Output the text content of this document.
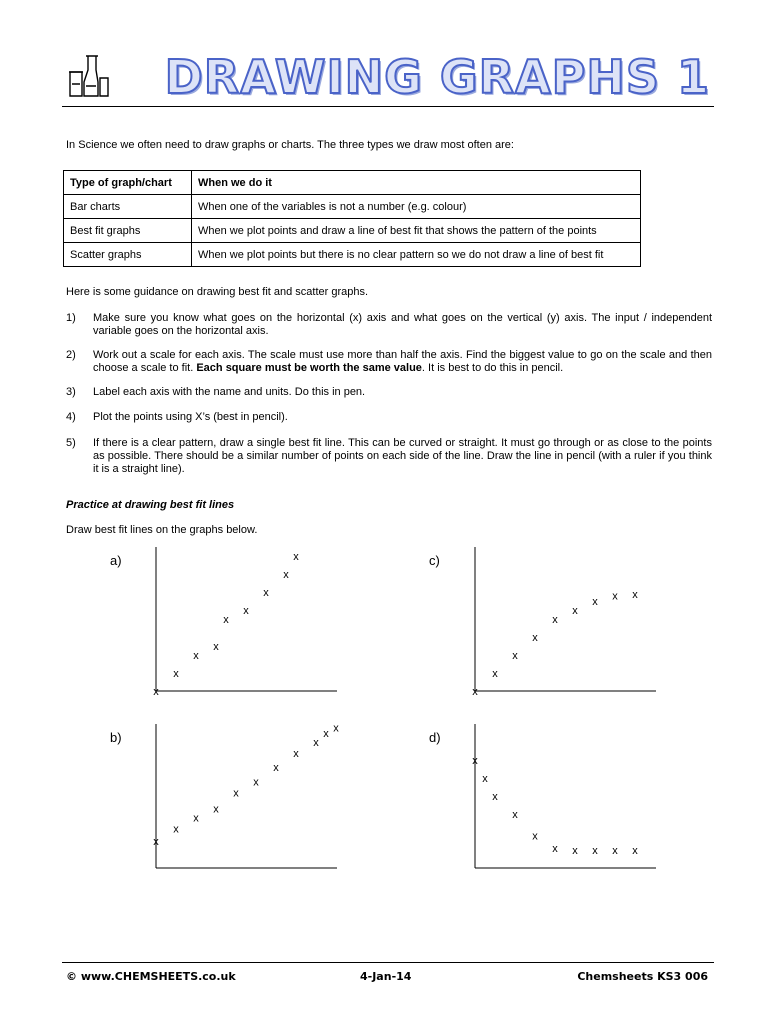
DRAWING GRAPHS 1
In Science we often need to draw graphs or charts. The three types we draw most often are:
Type of graph/chart	When we do it
Bar charts	When one of the variables is not a number (e.g. colour)
Best fit graphs	When we plot points and draw a line of best fit that shows the pattern of the points
Scatter graphs	When we plot points but there is no clear pattern so we do not draw a line of best fit
Here is some guidance on drawing best fit and scatter graphs.
1) Make sure you know what goes on the horizontal (x) axis and what goes on the vertical (y) axis. The input / independent variable goes on the horizontal axis.
2) Work out a scale for each axis. The scale must use more than half the axis. Find the biggest value to go on the scale and then choose a scale to fit. Each square must be worth the same value. It is best to do this in pencil.
3) Label each axis with the name and units. Do this in pen.
4) Plot the points using X’s (best in pencil).
5) If there is a clear pattern, draw a single best fit line. This can be curved or straight. It must go through or as close to the points as possible. There should be a similar number of points on each side of the line. Draw the line in pencil (with a ruler if you think it is a straight line).
Practice at drawing best fit lines
Draw best fit lines on the graphs below.
a)
b)
c)
d)
x
x
x
x
x
x
x
x
x
x
x
x
x
x
x
x
x
x
x x
x
x
x
x
x
x
x x x
x
x
x
x
x
x x x x x
© www.CHEMSHEETS.co.uk	4-Jan-14	Chemsheets KS3 006
